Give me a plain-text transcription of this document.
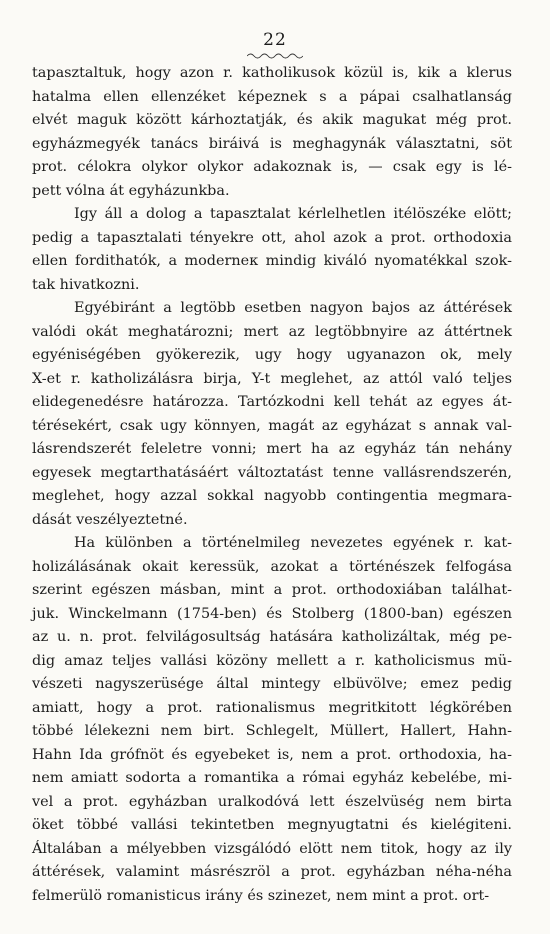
22
tapasztaltuk, hogy azon r. katholikusok közül is, kik a klerus
hatalma ellen ellenzéket képeznek s a pápai csalhatlanság
elvét maguk között kárhoztatják, és akik magukat még prot.
egyházmegyék tanács biráivá is meghagynák választatni, söt
prot. célokra olykor olykor adakoznak is, — csak egy is lé-
pett vólna át egyházunkba.
Igy áll a dolog a tapasztalat kérlelhetlen itélöszéke elött;
pedig a tapasztalati tényekre ott, ahol azok a prot. orthodoxia
ellen fordithatók, a moderneк mindig kiváló nyomatékkal szok-
tak hivatkozni.
Egyébiránt a legtöbb esetben nagyon bajos az áttérések
valódi okát meghatározni; mert az legtöbbnyire az áttértnek
egyéniségében gyökerezik, ugy hogy ugyanazon ok, mely
X-et r. katholizálásra birja, Y-t meglehet, az attól való teljes
elidegenedésre határozza. Tartózkodni kell tehát az egyes át-
térésekért, csak ugy könnyen, magát az egyházat s annak val-
lásrendszerét feleletre vonni; mert ha az egyház tán nehány
egyesek megtarthatásáért változtatást tenne vallásrendszerén,
meglehet, hogy azzal sokkal nagyobb contingentia megmara-
dását veszélyeztetné.
Ha különben a történelmileg nevezetes egyének r. kat-
holizálásának okait keressük, azokat a történészek felfogása
szerint egészen másban, mint a prot. orthodoxiában találhat-
juk. Winckelmann (1754-ben) és Stolberg (1800-ban) egészen
az u. n. prot. felvilágosultság hatására katholizáltak, még pe-
dig amaz teljes vallási közöny mellett a r. katholicismus mü-
vészeti nagyszerüsége által mintegy elbüvölve; emez pedig
amiatt, hogy a prot. rationalismus megritkitott légkörében
többé lélekezni nem birt. Schlegelt, Müllert, Hallert, Hahn-
Hahn Ida grófnöt és egyebeket is, nem a prot. orthodoxia, ha-
nem amiatt sodorta a romantika a római egyház kebelébe, mi-
vel a prot. egyházban uralkodóvá lett észelvüség nem birta
öket többé vallási tekintetben megnyugtatni és kielégiteni.
Általában a mélyebben vizsgálódó elött nem titok, hogy az ily
áttérések, valamint másrészröl a prot. egyházban néha-néha
felmerülö romanisticus irány és szinezet, nem mint a prot. ort-
